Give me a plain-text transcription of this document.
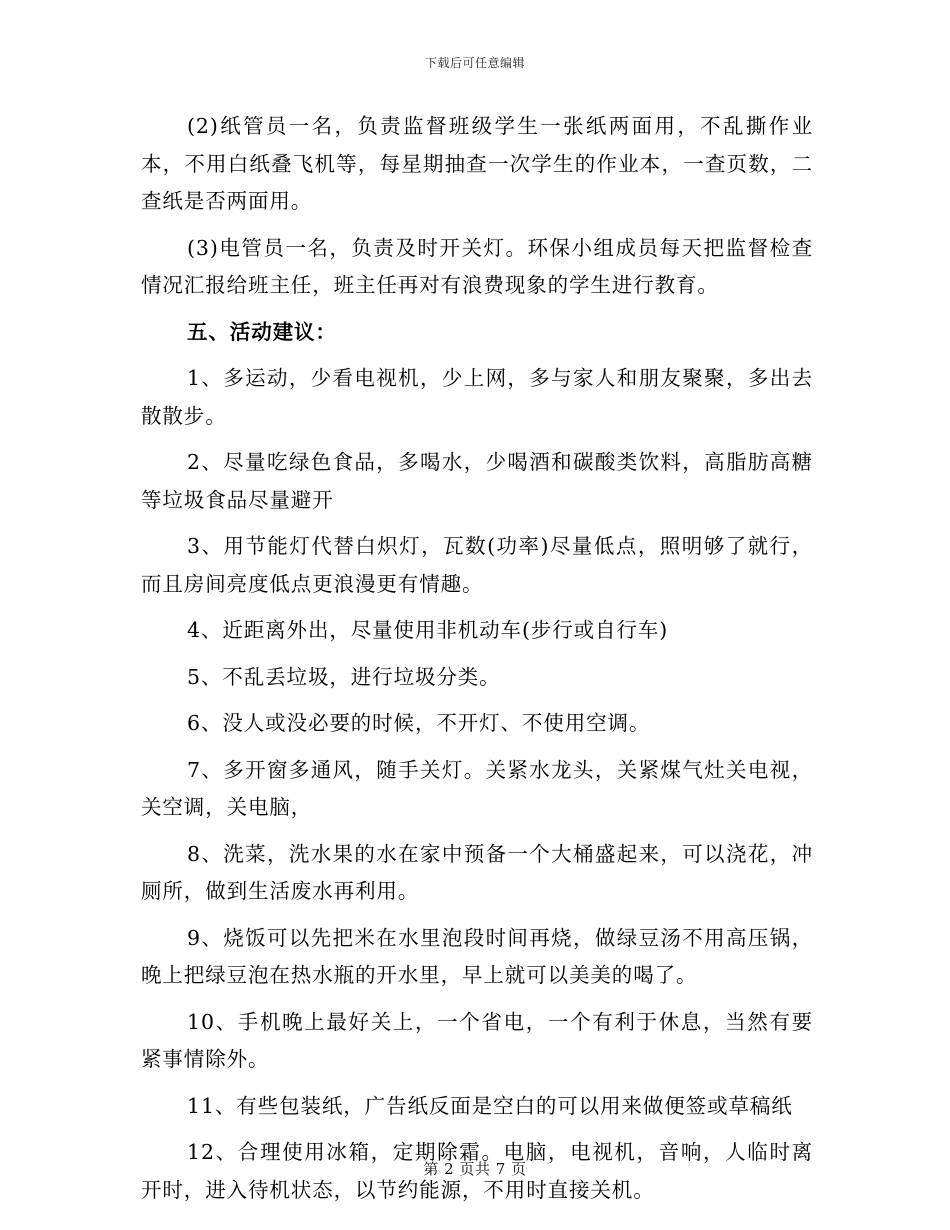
下载后可任意编辑

(2)纸管员一名，负责监督班级学生一张纸两面用，不乱撕作业本，不用白纸叠飞机等，每星期抽查一次学生的作业本，一查页数，二查纸是否两面用。

(3)电管员一名，负责及时开关灯。环保小组成员每天把监督检查情况汇报给班主任，班主任再对有浪费现象的学生进行教育。

五、活动建议：

1、多运动，少看电视机，少上网，多与家人和朋友聚聚，多出去散散步。

2、尽量吃绿色食品，多喝水，少喝酒和碳酸类饮料，高脂肪高糖等垃圾食品尽量避开

3、用节能灯代替白炽灯，瓦数(功率)尽量低点，照明够了就行，而且房间亮度低点更浪漫更有情趣。

4、近距离外出，尽量使用非机动车(步行或自行车)

5、不乱丢垃圾，进行垃圾分类。

6、没人或没必要的时候，不开灯、不使用空调。

7、多开窗多通风，随手关灯。关紧水龙头，关紧煤气灶关电视，关空调，关电脑，

8、洗菜，洗水果的水在家中预备一个大桶盛起来，可以浇花，冲厕所，做到生活废水再利用。

9、烧饭可以先把米在水里泡段时间再烧，做绿豆汤不用高压锅，晚上把绿豆泡在热水瓶的开水里，早上就可以美美的喝了。

10、手机晚上最好关上，一个省电，一个有利于休息，当然有要紧事情除外。

11、有些包装纸，广告纸反面是空白的可以用来做便签或草稿纸

12、合理使用冰箱，定期除霜。电脑，电视机，音响，人临时离开时，进入待机状态，以节约能源，不用时直接关机。

第 2 页共 7 页
